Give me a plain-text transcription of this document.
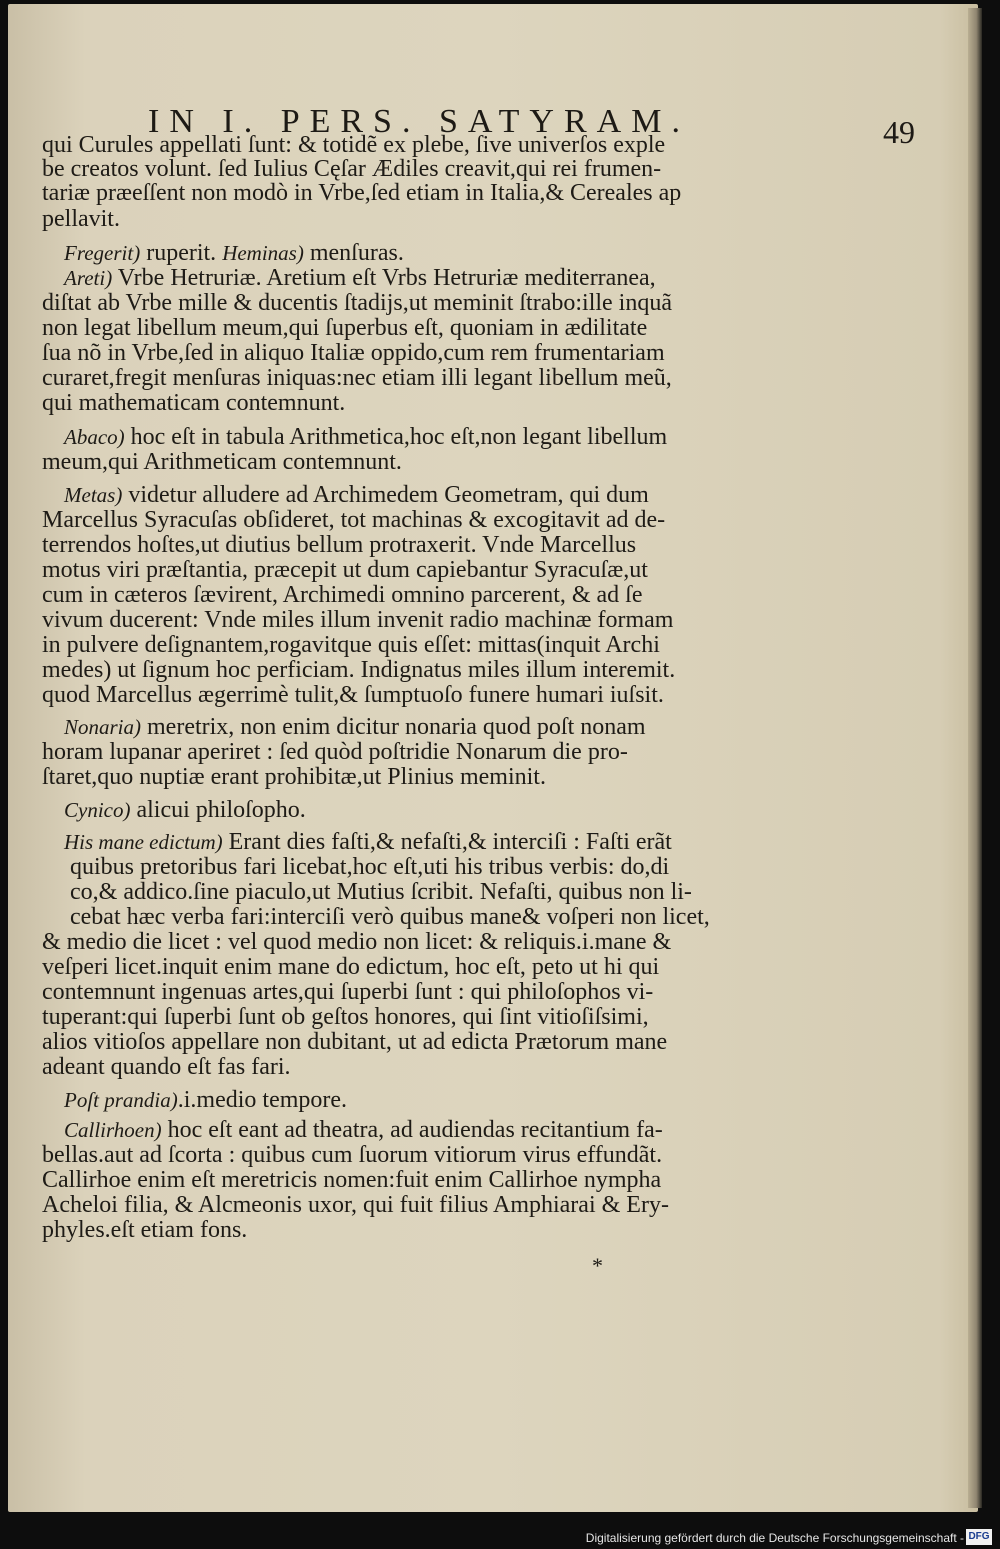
IN I. PERS. SATYRAM.	49
qui Curules appellati ſunt: & totidẽ ex plebe, ſive univerſos exple
be creatos volunt. ſed Iulius Cęſar Ædiles creavit,qui rei frumen-
tariæ præeſſent non modò in Vrbe,ſed etiam in Italia,& Cereales ap
pellavit.
Fregerit) ruperit. Heminas) menſuras.
Areti) Vrbe Hetruriæ. Aretium eſt Vrbs Hetruriæ mediterranea,
diſtat ab Vrbe mille & ducentis ſtadijs,ut meminit ſtrabo:ille inquã
non legat libellum meum,qui ſuperbus eſt, quoniam in ædilitate
ſua nõ in Vrbe,ſed in aliquo Italiæ oppido,cum rem frumentariam
curaret,fregit menſuras iniquas:nec etiam illi legant libellum meũ,
qui mathematicam contemnunt.
Abaco) hoc eſt in tabula Arithmetica,hoc eſt,non legant libellum
meum,qui Arithmeticam contemnunt.
Metas) videtur alludere ad Archimedem Geometram, qui dum
Marcellus Syracuſas obſideret, tot machinas & excogitavit ad de-
terrendos hoſtes,ut diutius bellum protraxerit. Vnde Marcellus
motus viri præſtantia, præcepit ut dum capiebantur Syracuſæ,ut
cum in cæteros ſævirent, Archimedi omnino parcerent, & ad ſe
vivum ducerent: Vnde miles illum invenit radio machinæ formam
in pulvere deſignantem,rogavitque quis eſſet: mittas(inquit Archi
medes) ut ſignum hoc perficiam. Indignatus miles illum interemit.
quod Marcellus ægerrimè tulit,& ſumptuoſo funere humari iuſsit.
Nonaria) meretrix, non enim dicitur nonaria quod poſt nonam
horam lupanar aperiret : ſed quòd poſtridie Nonarum die pro-
ſtaret,quo nuptiæ erant prohibitæ,ut Plinius meminit.
Cynico) alicui philoſopho.
His mane edictum) Erant dies faſti,& nefaſti,& interciſi : Faſti erãt
quibus pretoribus fari licebat,hoc eſt,uti his tribus verbis: do,di
co,& addico.ſine piaculo,ut Mutius ſcribit. Nefaſti, quibus non li-
cebat hæc verba fari:interciſi verò quibus mane& voſperi non licet,
& medio die licet : vel quod medio non licet: & reliquis.i.mane &
veſperi licet.inquit enim mane do edictum, hoc eſt, peto ut hi qui
contemnunt ingenuas artes,qui ſuperbi ſunt : qui philoſophos vi-
tuperant:qui ſuperbi ſunt ob geſtos honores, qui ſint vitioſiſsimi,
alios vitioſos appellare non dubitant, ut ad edicta Prætorum mane
adeant quando eſt fas fari.
Poſt prandia).i.medio tempore.
Callirhoen) hoc eſt eant ad theatra, ad audiendas recitantium fa-
bellas.aut ad ſcorta : quibus cum ſuorum vitiorum virus effundãt.
Callirhoe enim eſt meretricis nomen:fuit enim Callirhoe nympha
Acheloi filia, & Alcmeonis uxor, qui fuit filius Amphiarai & Ery-
phyles.eſt etiam fons.
*
Digitalisierung gefördert durch die Deutsche Forschungsgemeinschaft - DFG
